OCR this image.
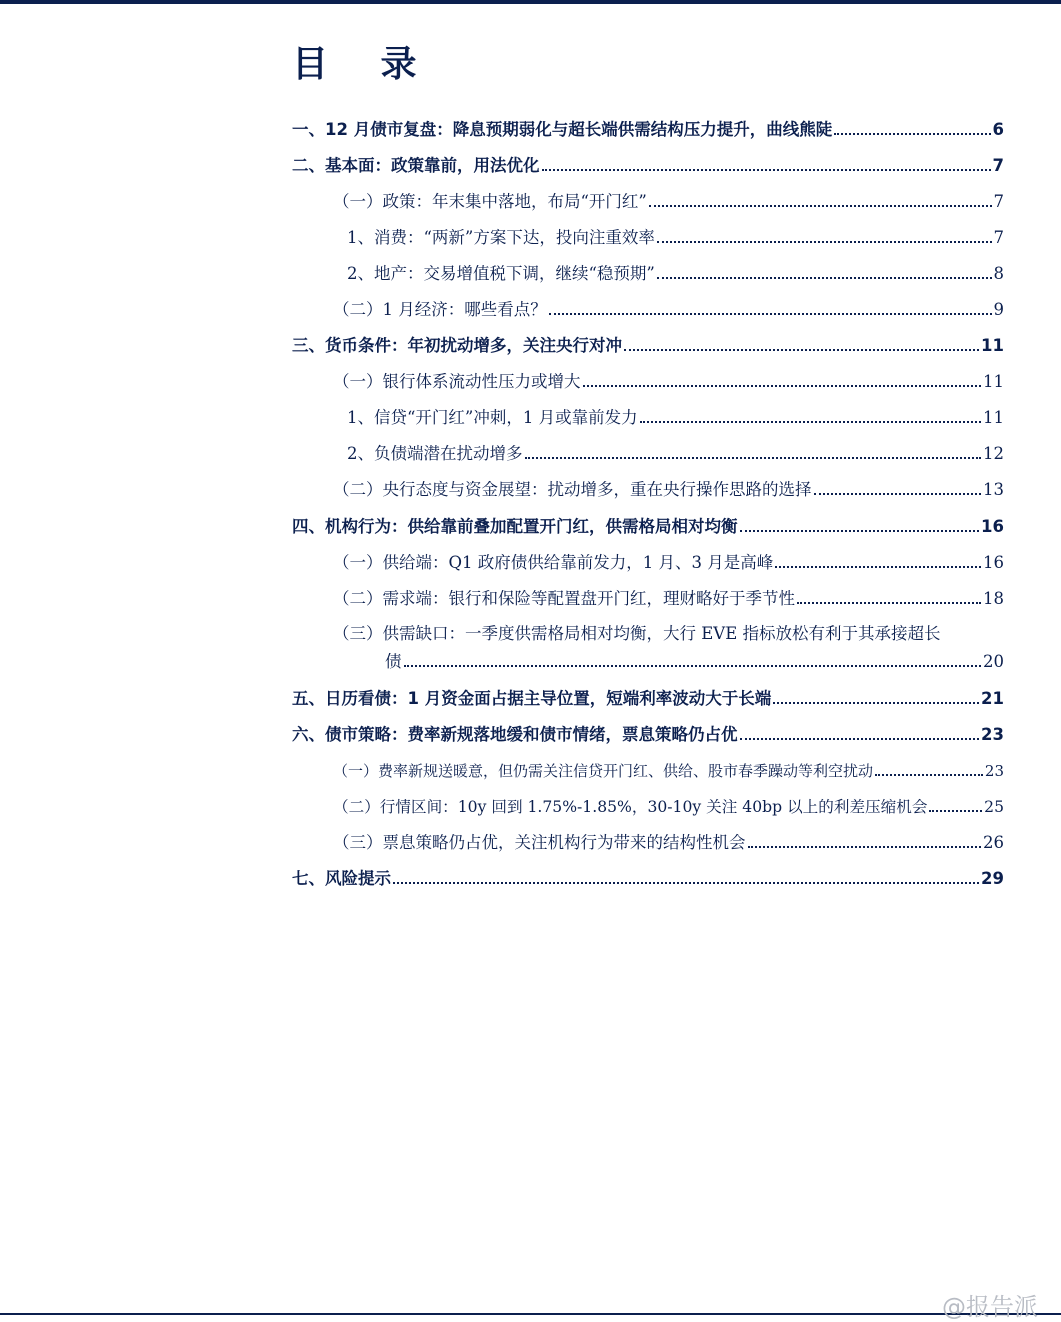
目 录
一、12 月债市复盘：降息预期弱化与超长端供需结构压力提升，曲线熊陡	6
二、基本面：政策靠前，用法优化	7
（一）政策：年末集中落地，布局“开门红”	7
1、消费：“两新”方案下达，投向注重效率	7
2、地产：交易增值税下调，继续“稳预期”	8
（二）1 月经济：哪些看点？	9
三、货币条件：年初扰动增多，关注央行对冲	11
（一）银行体系流动性压力或增大	11
1、信贷“开门红”冲刺，1 月或靠前发力	11
2、负债端潜在扰动增多	12
（二）央行态度与资金展望：扰动增多，重在央行操作思路的选择	13
四、机构行为：供给靠前叠加配置开门红，供需格局相对均衡	16
（一）供给端：Q1 政府债供给靠前发力，1 月、3 月是高峰	16
（二）需求端：银行和保险等配置盘开门红，理财略好于季节性	18
（三）供需缺口：一季度供需格局相对均衡，大行 EVE 指标放松有利于其承接超长
债	20
五、日历看债：1 月资金面占据主导位置，短端利率波动大于长端	21
六、债市策略：费率新规落地缓和债市情绪，票息策略仍占优	23
（一）费率新规送暖意，但仍需关注信贷开门红、供给、股市春季躁动等利空扰动	23
（二）行情区间：10y 回到 1.75%-1.85%，30-10y 关注 40bp 以上的利差压缩机会	25
（三）票息策略仍占优，关注机构行为带来的结构性机会	26
七、风险提示	29
@报告派
